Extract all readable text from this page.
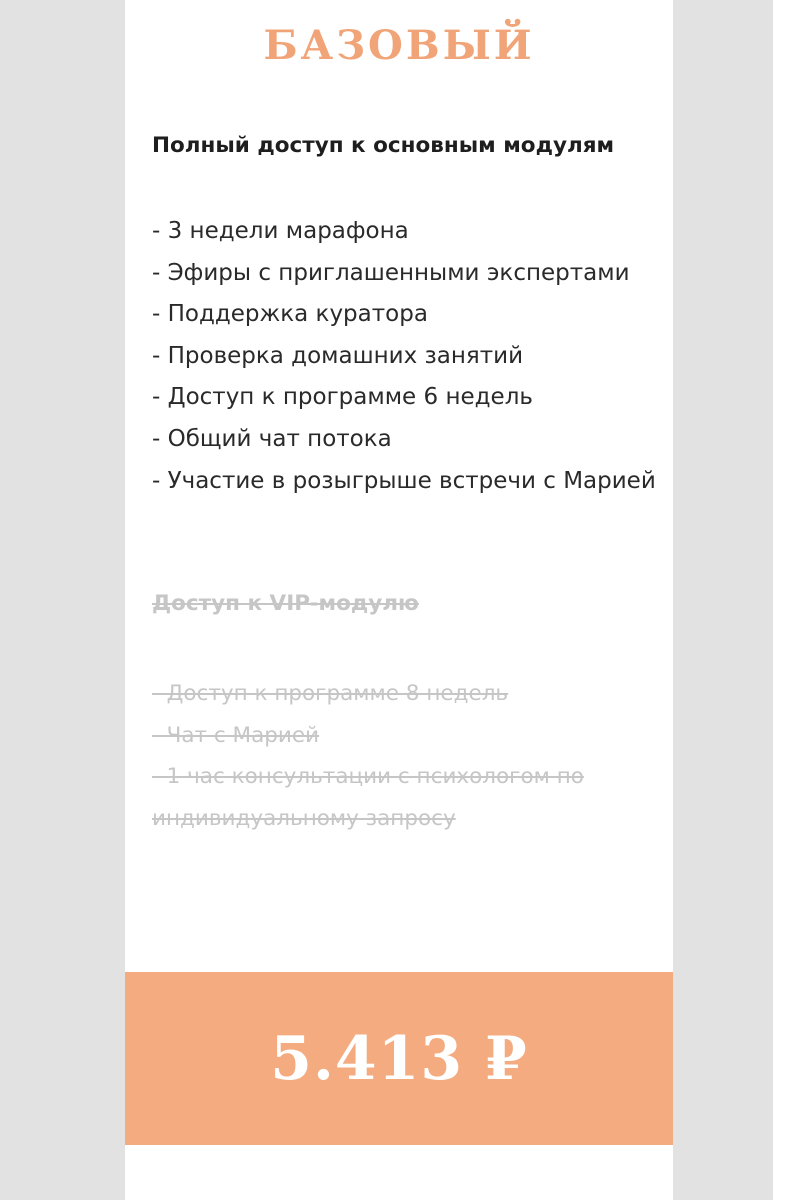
БАЗОВЫЙ

Полный доступ к основным модулям

- 3 недели марафона
- Эфиры с приглашенными экспертами
- Поддержка куратора
- Проверка домашних занятий
- Доступ к программе 6 недель
- Общий чат потока
- Участие в розыгрыше встречи с Марией

Доступ к VIP-модулю

- Доступ к программе 8 недель
- Чат с Марией
- 1 час консультации с психологом по индивидуальному запросу
5.413 ₽
